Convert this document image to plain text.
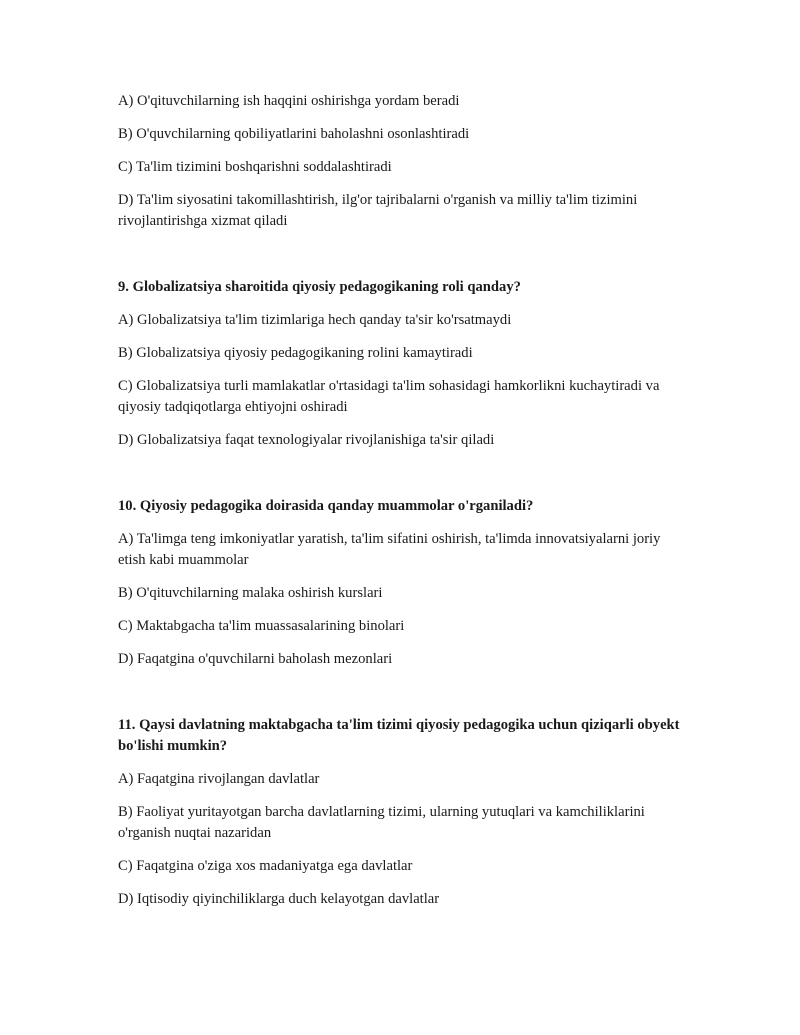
A) O'qituvchilarning ish haqqini oshirishga yordam beradi

B) O'quvchilarning qobiliyatlarini baholashni osonlashtiradi

C) Ta'lim tizimini boshqarishni soddalashtiradi

D) Ta'lim siyosatini takomillashtirish, ilg'or tajribalarni o'rganish va milliy ta'lim tizimini rivojlantirishga xizmat qiladi

9. Globalizatsiya sharoitida qiyosiy pedagogikaning roli qanday?

A) Globalizatsiya ta'lim tizimlariga hech qanday ta'sir ko'rsatmaydi

B) Globalizatsiya qiyosiy pedagogikaning rolini kamaytiradi

C) Globalizatsiya turli mamlakatlar o'rtasidagi ta'lim sohasidagi hamkorlikni kuchaytiradi va qiyosiy tadqiqotlarga ehtiyojni oshiradi

D) Globalizatsiya faqat texnologiyalar rivojlanishiga ta'sir qiladi

10. Qiyosiy pedagogika doirasida qanday muammolar o'rganiladi?

A) Ta'limga teng imkoniyatlar yaratish, ta'lim sifatini oshirish, ta'limda innovatsiyalarni joriy etish kabi muammolar

B) O'qituvchilarning malaka oshirish kurslari

C) Maktabgacha ta'lim muassasalarining binolari

D) Faqatgina o'quvchilarni baholash mezonlari

11. Qaysi davlatning maktabgacha ta'lim tizimi qiyosiy pedagogika uchun qiziqarli obyekt bo'lishi mumkin?

A) Faqatgina rivojlangan davlatlar

B) Faoliyat yuritayotgan barcha davlatlarning tizimi, ularning yutuqlari va kamchiliklarini o'rganish nuqtai nazaridan

C) Faqatgina o'ziga xos madaniyatga ega davlatlar

D) Iqtisodiy qiyinchiliklarga duch kelayotgan davlatlar
